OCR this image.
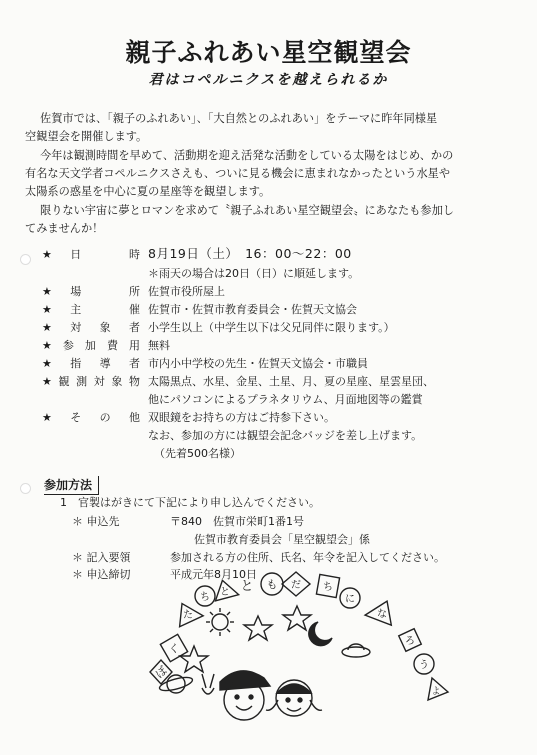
親子ふれあい星空観望会
君はコペルニクスを越えられるか
佐賀市では、「親子のふれあい」、「大自然とのふれあい」をテーマに昨年同様星
空観望会を開催します。
今年は観測時間を早めて、活動期を迎え活発な活動をしている太陽をはじめ、かの
有名な天文学者コペルニクスさえも、ついに見る機会に恵まれなかったという水星や
太陽系の惑星を中心に夏の星座等を観望します。
限りない宇宙に夢とロマンを求めて〝親子ふれあい星空観望会〟にあなたも参加し
てみませんか！
★日　時 8月19日（土）　16：00〜22：00
＊雨天の場合は20日（日）に順延します。
★場　所 佐賀市役所屋上
★主　催 佐賀市・佐賀市教育委員会・佐賀天文協会
★対象者 小学生以上（中学生以下は父兄同伴に限ります。）
★参加費用 無料
★指導者 市内小中学校の先生・佐賀天文協会・市職員
★観測対象物 太陽黒点、水星、金星、土星、月、夏の星座、星雲星団、
他にパソコンによるプラネタリウム、月面地図等の鑑賞
★その他 双眼鏡をお持ちの方はご持参下さい。
なお、参加の方には観望会記念バッジを差し上げます。
（先着500名様）
参加方法
1　官製はがきにて下記により申し込んでください。
＊ 申込先	〒840　佐賀市栄町1番1号
佐賀市教育委員会「星空観望会」係
＊ 記入要領	参加される方の住所、氏名、年令を記入してください。
＊ 申込締切	平成元年8月10日
ぼ
く
た
ち と と も だ ち
に
な
ろ
う
よ
